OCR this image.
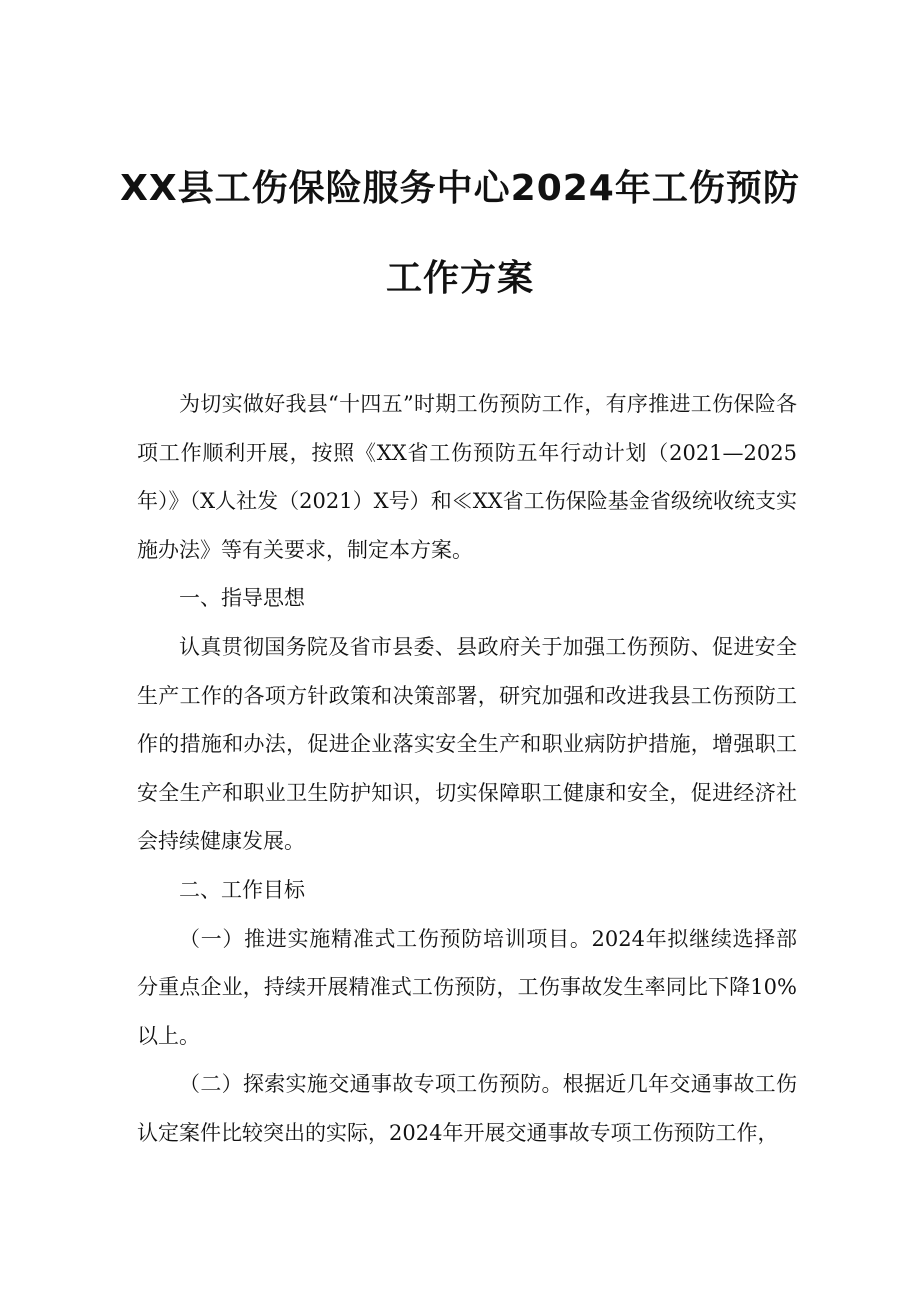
XX县工伤保险服务中心2024年工伤预防
工作方案

为切实做好我县“十四五”时期工伤预防工作，有序推进工伤保险各项工作顺利开展，按照《XX省工伤预防五年行动计划（2021—2025年）》（X人社发（2021）X号）和≪XX省工伤保险基金省级统收统支实施办法》等有关要求，制定本方案。

一、指导思想

认真贯彻国务院及省市县委、县政府关于加强工伤预防、促进安全生产工作的各项方针政策和决策部署，研究加强和改进我县工伤预防工作的措施和办法，促进企业落实安全生产和职业病防护措施，增强职工安全生产和职业卫生防护知识，切实保障职工健康和安全，促进经济社会持续健康发展。

二、工作目标

（一）推进实施精准式工伤预防培训项目。2024年拟继续选择部分重点企业，持续开展精准式工伤预防，工伤事故发生率同比下降10%以上。

（二）探索实施交通事故专项工伤预防。根据近几年交通事故工伤认定案件比较突出的实际，2024年开展交通事故专项工伤预防工作，
